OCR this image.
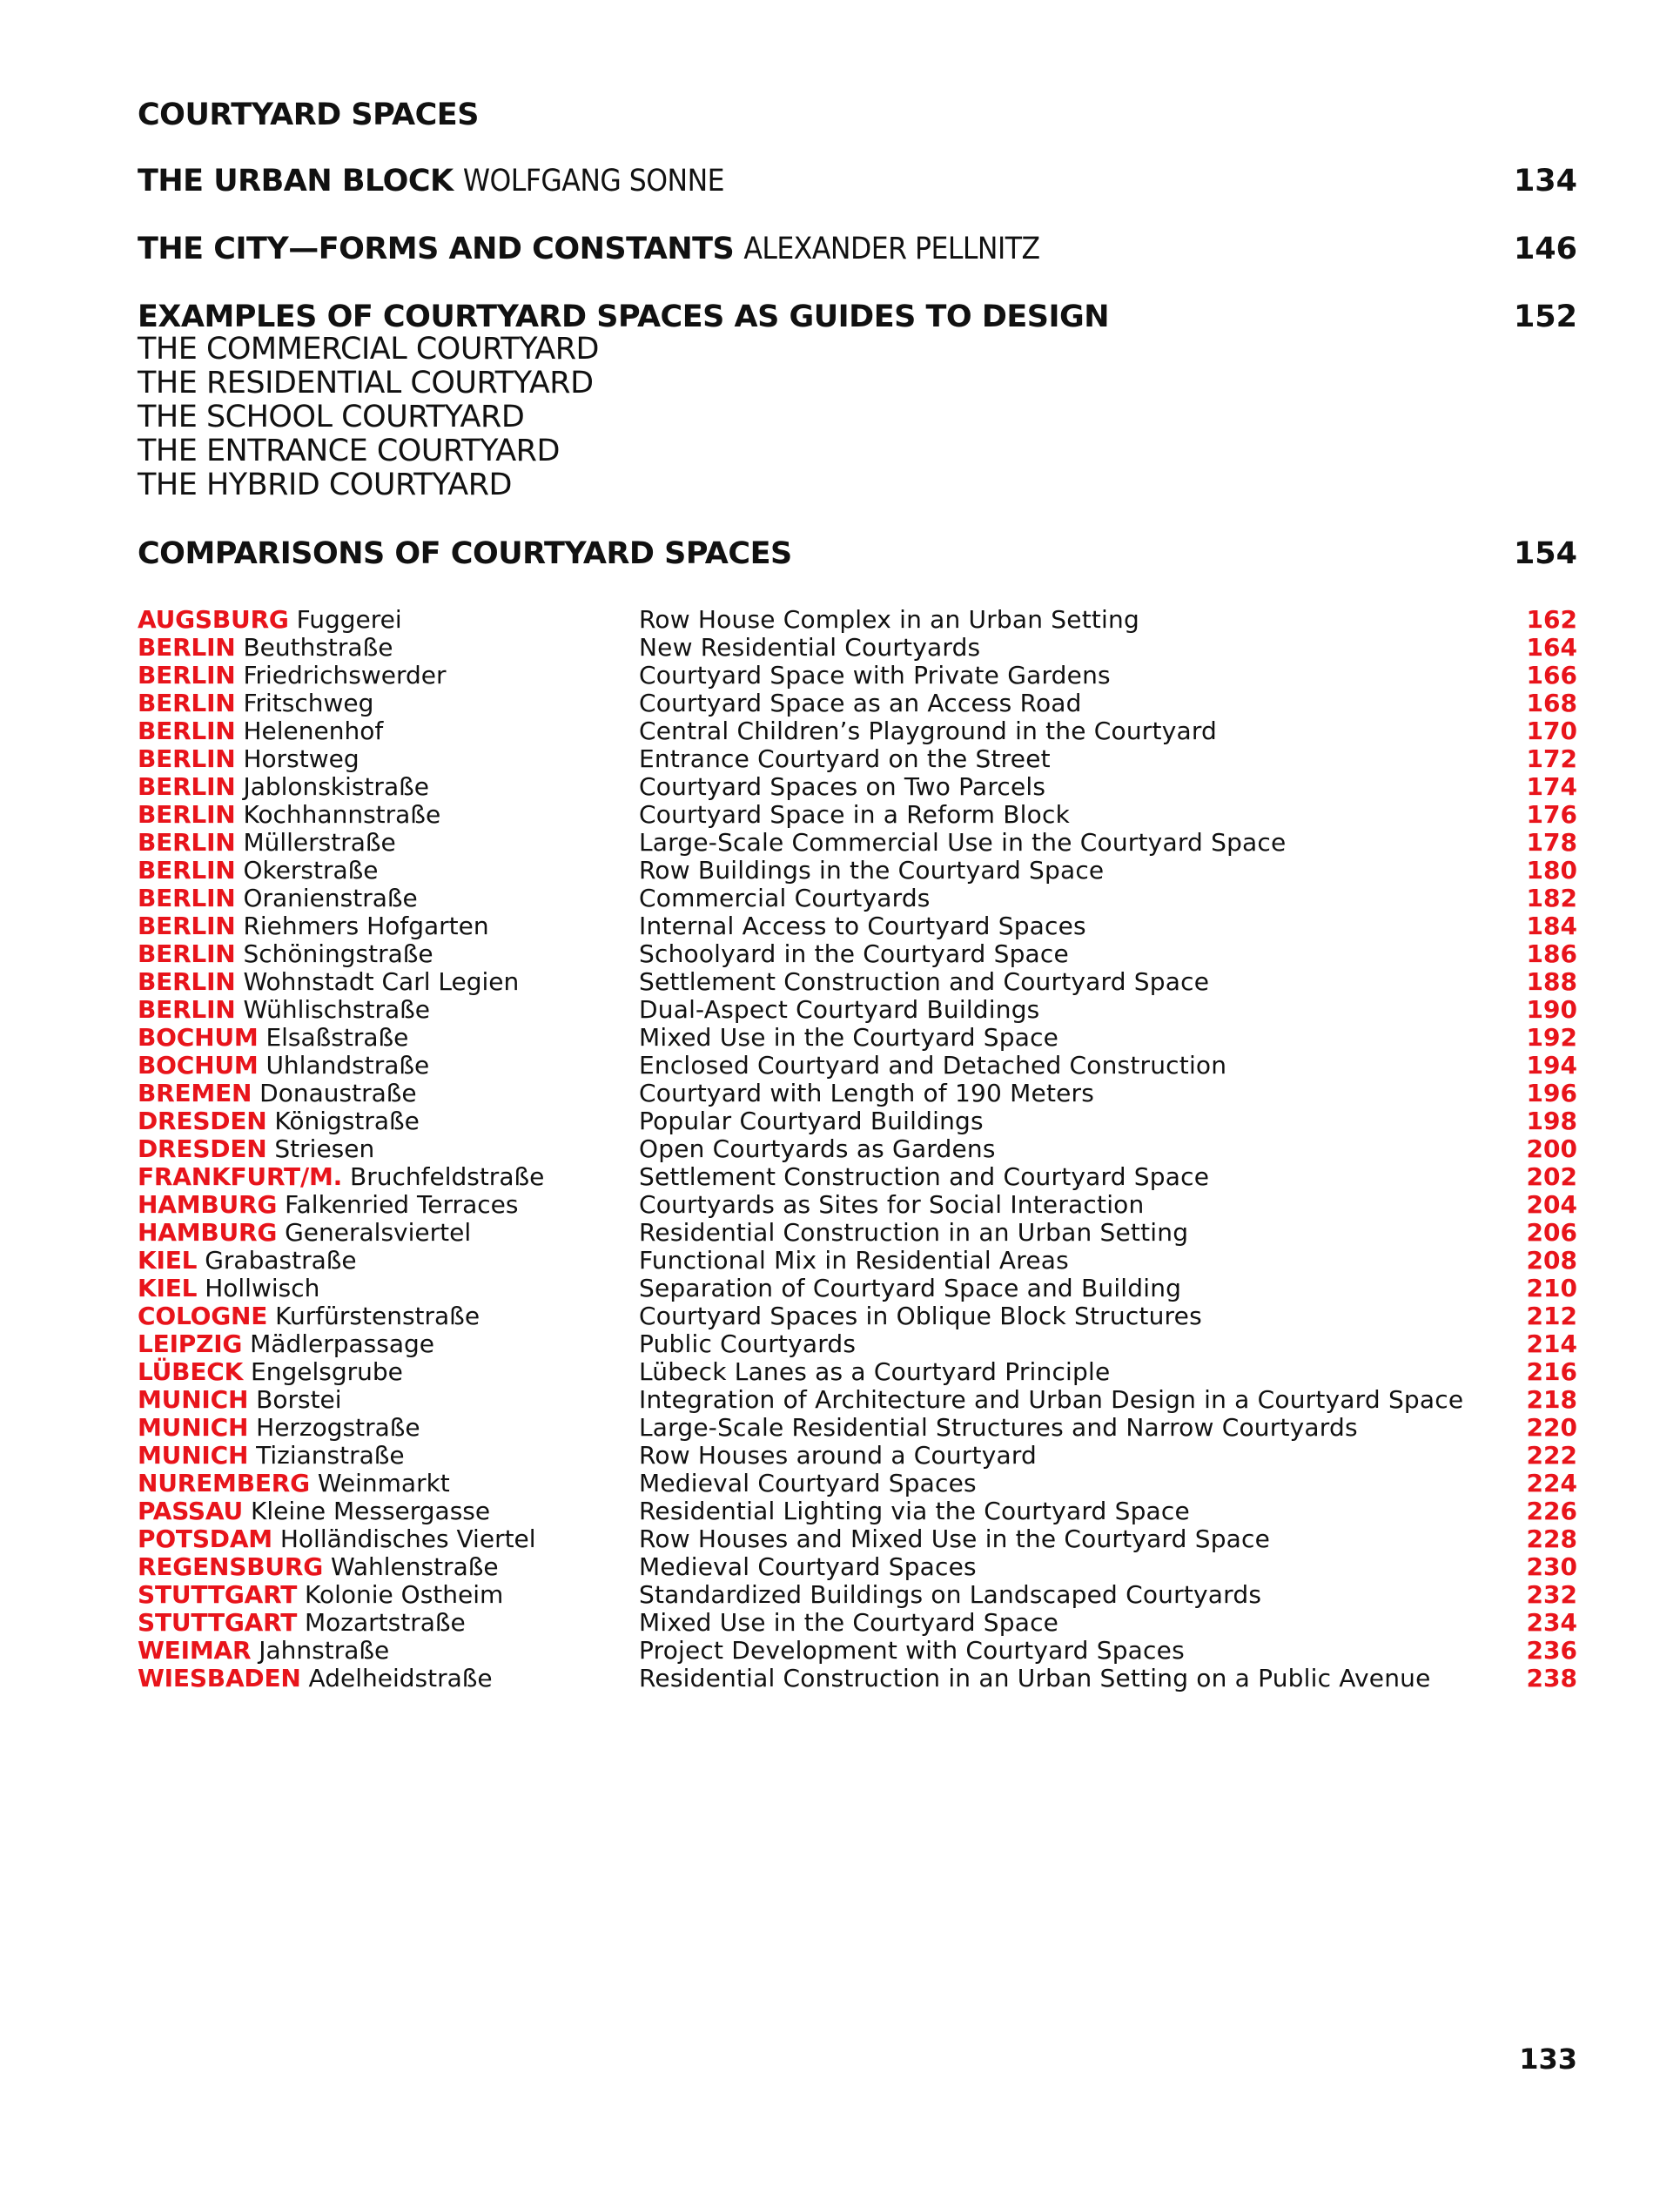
COURTYARD SPACES
THE URBAN BLOCK WOLFGANG SONNE	134
THE CITY—FORMS AND CONSTANTS ALEXANDER PELLNITZ	146
EXAMPLES OF COURTYARD SPACES AS GUIDES TO DESIGN	152
THE COMMERCIAL COURTYARD
THE RESIDENTIAL COURTYARD
THE SCHOOL COURTYARD
THE ENTRANCE COURTYARD
THE HYBRID COURTYARD
COMPARISONS OF COURTYARD SPACES	154
AUGSBURG Fuggerei	Row House Complex in an Urban Setting	162
BERLIN Beuthstraße	New Residential Courtyards	164
BERLIN Friedrichswerder	Courtyard Space with Private Gardens	166
BERLIN Fritschweg	Courtyard Space as an Access Road	168
BERLIN Helenenhof	Central Children’s Playground in the Courtyard	170
BERLIN Horstweg	Entrance Courtyard on the Street	172
BERLIN Jablonskistraße	Courtyard Spaces on Two Parcels	174
BERLIN Kochhannstraße	Courtyard Space in a Reform Block	176
BERLIN Müllerstraße	Large-Scale Commercial Use in the Courtyard Space	178
BERLIN Okerstraße	Row Buildings in the Courtyard Space	180
BERLIN Oranienstraße	Commercial Courtyards	182
BERLIN Riehmers Hofgarten	Internal Access to Courtyard Spaces	184
BERLIN Schöningstraße	Schoolyard in the Courtyard Space	186
BERLIN Wohnstadt Carl Legien	Settlement Construction and Courtyard Space	188
BERLIN Wühlischstraße	Dual-Aspect Courtyard Buildings	190
BOCHUM Elsaßstraße	Mixed Use in the Courtyard Space	192
BOCHUM Uhlandstraße	Enclosed Courtyard and Detached Construction	194
BREMEN Donaustraße	Courtyard with Length of 190 Meters	196
DRESDEN Königstraße	Popular Courtyard Buildings	198
DRESDEN Striesen	Open Courtyards as Gardens	200
FRANKFURT/M. Bruchfeldstraße	Settlement Construction and Courtyard Space	202
HAMBURG Falkenried Terraces	Courtyards as Sites for Social Interaction	204
HAMBURG Generalsviertel	Residential Construction in an Urban Setting	206
KIEL Grabastraße	Functional Mix in Residential Areas	208
KIEL Hollwisch	Separation of Courtyard Space and Building	210
COLOGNE Kurfürstenstraße	Courtyard Spaces in Oblique Block Structures	212
LEIPZIG Mädlerpassage	Public Courtyards	214
LÜBECK Engelsgrube	Lübeck Lanes as a Courtyard Principle	216
MUNICH Borstei	Integration of Architecture and Urban Design in a Courtyard Space	218
MUNICH Herzogstraße	Large-Scale Residential Structures and Narrow Courtyards	220
MUNICH Tizianstraße	Row Houses around a Courtyard	222
NUREMBERG Weinmarkt	Medieval Courtyard Spaces	224
PASSAU Kleine Messergasse	Residential Lighting via the Courtyard Space	226
POTSDAM Holländisches Viertel	Row Houses and Mixed Use in the Courtyard Space	228
REGENSBURG Wahlenstraße	Medieval Courtyard Spaces	230
STUTTGART Kolonie Ostheim	Standardized Buildings on Landscaped Courtyards	232
STUTTGART Mozartstraße	Mixed Use in the Courtyard Space	234
WEIMAR Jahnstraße	Project Development with Courtyard Spaces	236
WIESBADEN Adelheidstraße	Residential Construction in an Urban Setting on a Public Avenue	238
133
